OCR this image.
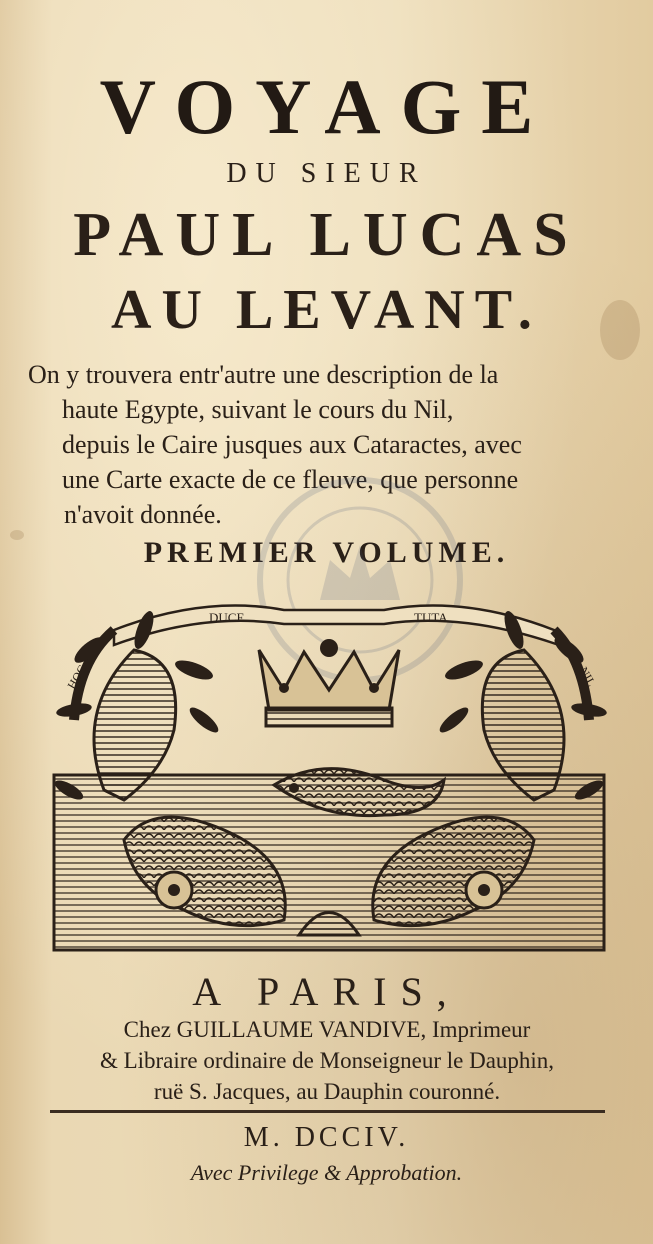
VOYAGE
DU SIEUR
PAUL LUCAS
AU LEVANT.
On y trouvera entr'autre une description de la
haute Egypte, suivant le cours du Nil,
depuis le Caire jusques aux Cataractes, avec
une Carte exacte de ce fleuve, que personne
n'avoit donnée.
PREMIER VOLUME.
DUCE	TUTA
HOC	NIL
A PARIS,
Chez GUILLAUME VANDIVE, Imprimeur
& Libraire ordinaire de Monseigneur le Dauphin,
ruë S. Jacques, au Dauphin couronné.
M. DCCIV.
Avec Privilege & Approbation.
